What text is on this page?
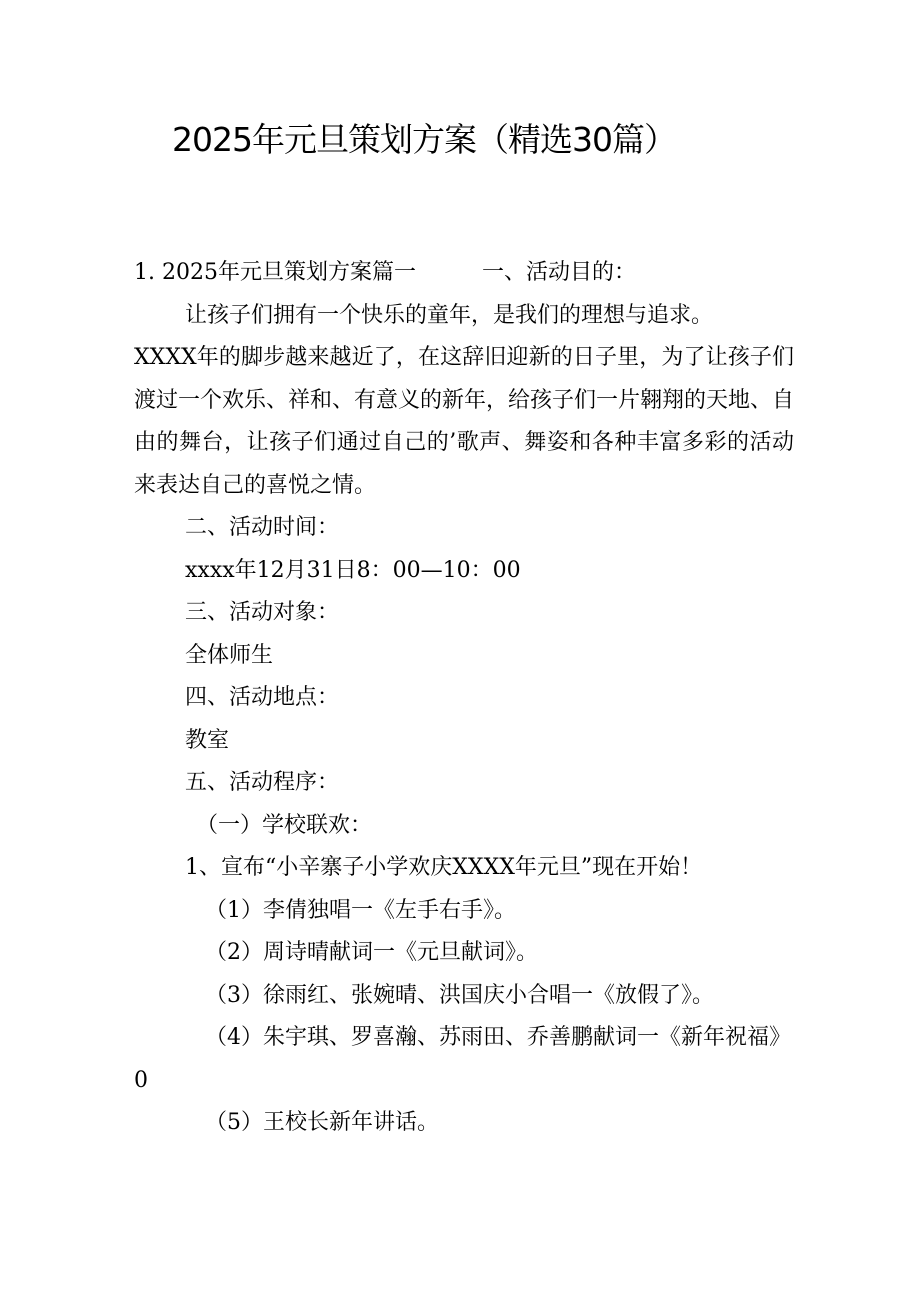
2025年元旦策划方案（精选30篇）
1. 2025年元旦策划方案篇一	一、活动目的：
让孩子们拥有一个快乐的童年，是我们的理想与追求。
XXXX年的脚步越来越近了，在这辞旧迎新的日子里，为了让孩子们渡过一个欢乐、祥和、有意义的新年，给孩子们一片翱翔的天地、自由的舞台，让孩子们通过自己的’歌声、舞姿和各种丰富多彩的活动来表达自己的喜悦之情。
二、活动时间：
xxxx年12月31日8：00—10：00
三、活动对象：
全体师生
四、活动地点：
教室
五、活动程序：
（一）学校联欢：
1、宣布“小辛寨子小学欢庆XXXX年元旦”现在开始！
（1）李倩独唱一《左手右手》。
（2）周诗晴献词一《元旦献词》。
（3）徐雨红、张婉晴、洪国庆小合唱一《放假了》。
（4）朱宇琪、罗喜瀚、苏雨田、乔善鹏献词一《新年祝福》
0
（5）王校长新年讲话。
